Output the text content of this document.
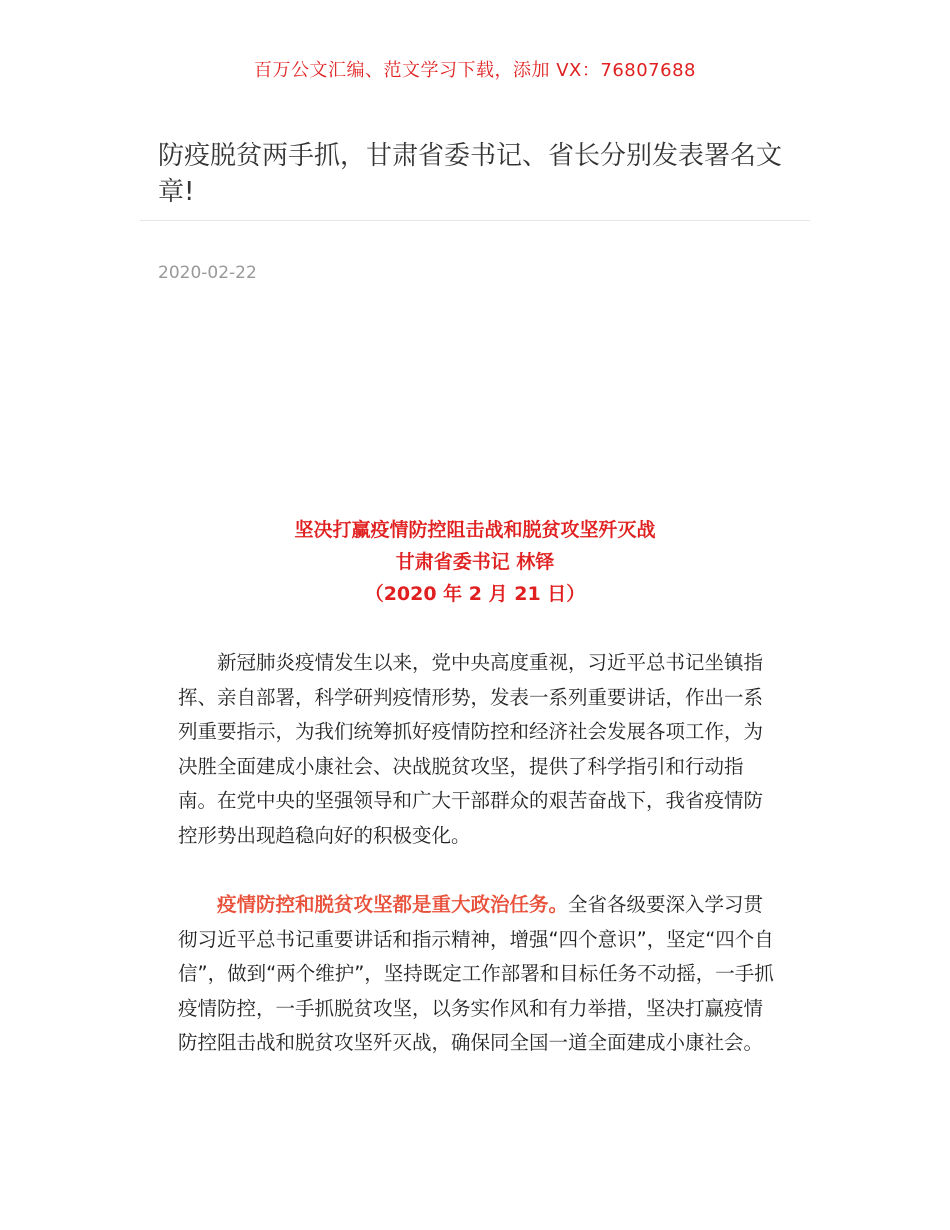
百万公文汇编、范文学习下载，添加 VX：76807688
防疫脱贫两手抓，甘肃省委书记、省长分别发表署名文章!
2020-02-22
坚决打赢疫情防控阻击战和脱贫攻坚歼灭战
甘肃省委书记 林铎
（2020 年 2 月 21 日）

新冠肺炎疫情发生以来，党中央高度重视，习近平总书记坐镇指挥、亲自部署，科学研判疫情形势，发表一系列重要讲话，作出一系列重要指示，为我们统筹抓好疫情防控和经济社会发展各项工作，为决胜全面建成小康社会、决战脱贫攻坚，提供了科学指引和行动指南。在党中央的坚强领导和广大干部群众的艰苦奋战下，我省疫情防控形势出现趋稳向好的积极变化。

疫情防控和脱贫攻坚都是重大政治任务。全省各级要深入学习贯彻习近平总书记重要讲话和指示精神，增强“四个意识”，坚定“四个自信”，做到“两个维护”，坚持既定工作部署和目标任务不动摇，一手抓疫情防控，一手抓脱贫攻坚，以务实作风和有力举措，坚决打赢疫情防控阻击战和脱贫攻坚歼灭战，确保同全国一道全面建成小康社会。
